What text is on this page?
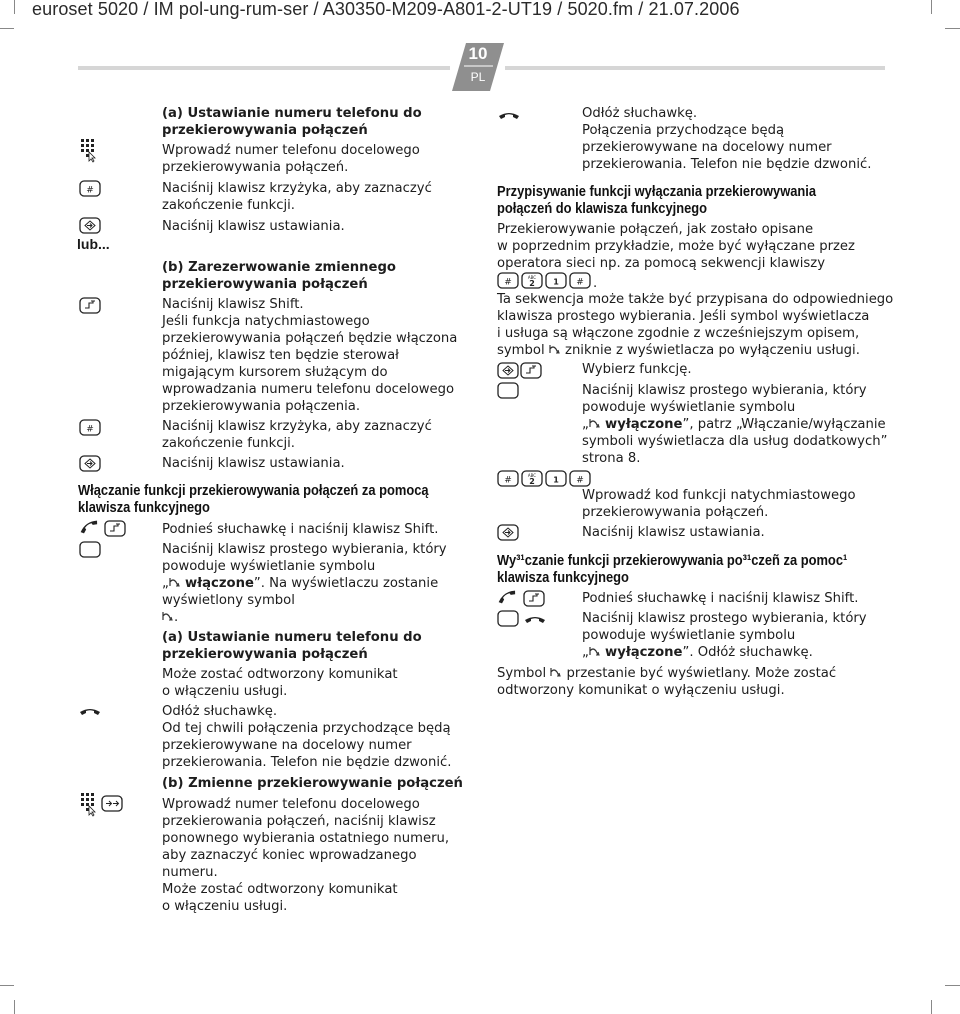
euroset 5020 / IM pol-ung-rum-ser / A30350-M209-A801-2-UT19 / 5020.fm / 21.07.2006
10
PL
(a) Ustawianie numeru telefonu do
przekierowywania połączeń
Wprowadź numer telefonu docelowego
przekierowywania połączeń.
#	Naciśnij klawisz krzyżyka, aby zaznaczyć
zakończenie funkcji.
Naciśnij klawisz ustawiania.
lub...
(b) Zarezerwowanie zmiennego
przekierowywania połączeń
Naciśnij klawisz Shift.
Jeśli funkcja natychmiastowego
przekierowywania połączeń będzie włączona
później, klawisz ten będzie sterował
migającym kursorem służącym do
wprowadzania numeru telefonu docelowego
przekierowywania połączenia.
#	Naciśnij klawisz krzyżyka, aby zaznaczyć
zakończenie funkcji.
Naciśnij klawisz ustawiania.
Włączanie funkcji przekierowywania połączeń za pomocą
klawisza funkcyjnego
Podnieś słuchawkę i naciśnij klawisz Shift.
Naciśnij klawisz prostego wybierania, który
powoduje wyświetlanie symbolu
„ włączone”. Na wyświetlaczu zostanie
wyświetlony symbol
.
(a) Ustawianie numeru telefonu do
przekierowywania połączeń
Może zostać odtworzony komunikat
o włączeniu usługi.
Odłóż słuchawkę.
Od tej chwili połączenia przychodzące będą
przekierowywane na docelowy numer
przekierowania. Telefon nie będzie dzwonić.
(b) Zmienne przekierowywanie połączeń
Wprowadź numer telefonu docelowego
przekierowania połączeń, naciśnij klawisz
ponownego wybierania ostatniego numeru,
aby zaznaczyć koniec wprowadzanego
numeru.
Może zostać odtworzony komunikat
o włączeniu usługi.
Odłóż słuchawkę.
Połączenia przychodzące będą
przekierowywane na docelowy numer
przekierowania. Telefon nie będzie dzwonić.
Przypisywanie funkcji wyłączania przekierowywania
połączeń do klawisza funkcyjnego
Przekierowywanie połączeń, jak zostało opisane
w poprzednim przykładzie, może być wyłączane przez
operatora sieci np. za pomocą sekwencji klawiszy
#	ABC
2 1 # .
Ta sekwencja może także być przypisana do odpowiedniego
klawisza prostego wybierania. Jeśli symbol wyświetlacza
i usługa są włączone zgodnie z wcześniejszym opisem,
symbol zniknie z wyświetlacza po wyłączeniu usługi.
Wybierz funkcję.
Naciśnij klawisz prostego wybierania, który
powoduje wyświetlanie symbolu
„ wyłączone”, patrz „Włączanie/wyłączanie
symboli wyświetlacza dla usług dodatkowych”
strona 8.
#	ABC
2 1 #
Wprowadź kod funkcji natychmiastowego
przekierowywania połączeń.
Naciśnij klawisz ustawiania.
Wy³¹czanie funkcji przekierowywania po³¹czeñ za pomoc¹
klawisza funkcyjnego
Podnieś słuchawkę i naciśnij klawisz Shift.
Naciśnij klawisz prostego wybierania, który
powoduje wyświetlanie symbolu
„ wyłączone”. Odłóż słuchawkę.
Symbol przestanie być wyświetlany. Może zostać
odtworzony komunikat o wyłączeniu usługi.
